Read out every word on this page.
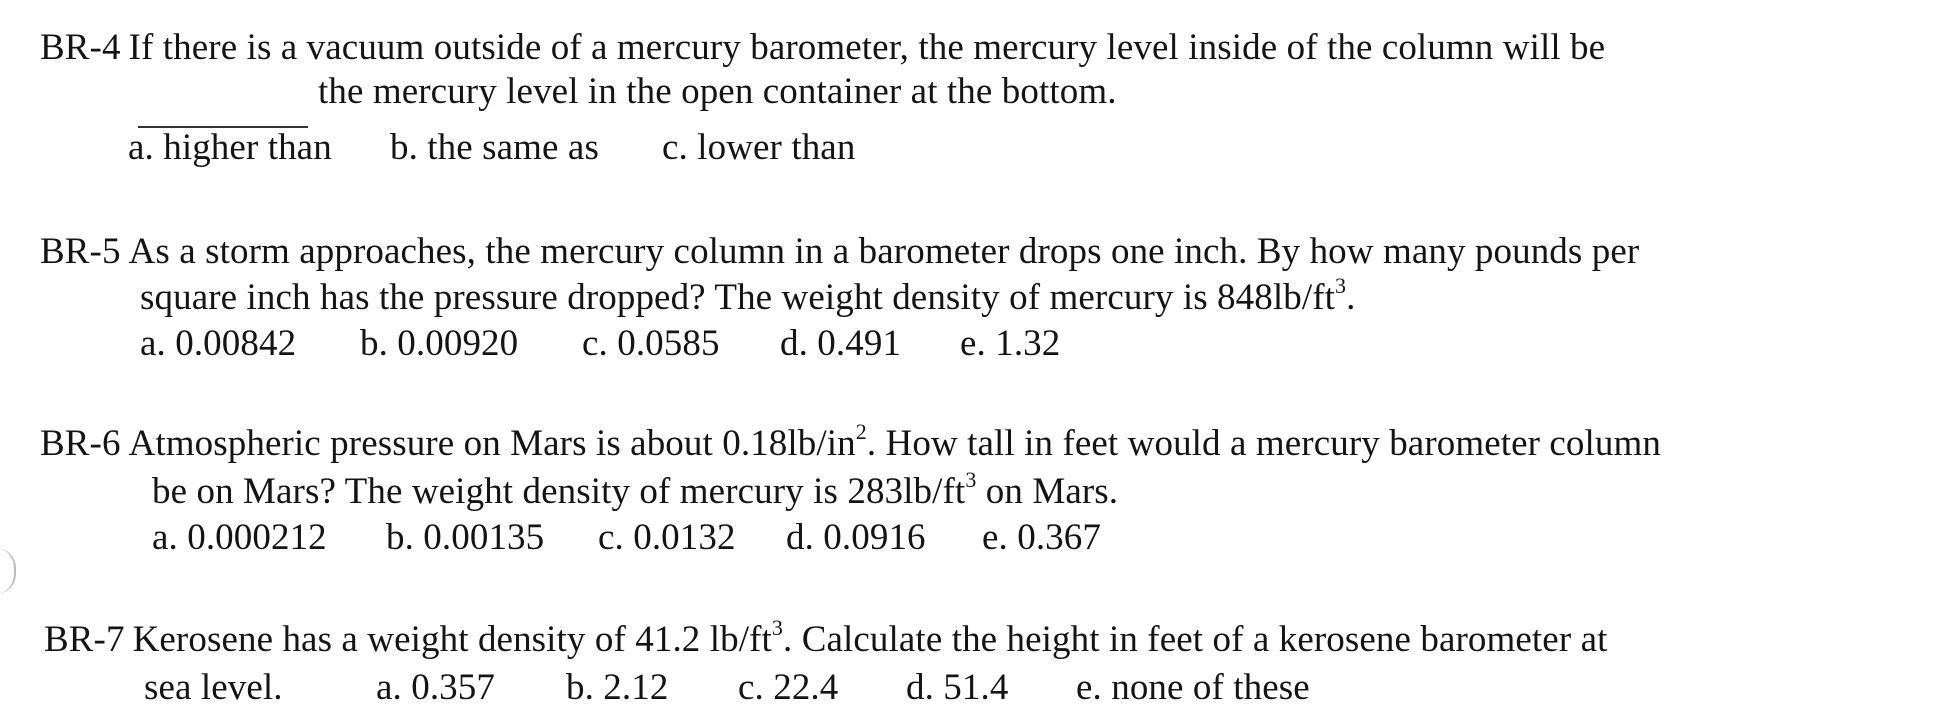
BR-4 If there is a vacuum outside of a mercury barometer, the mercury level inside of the column will be
the mercury level in the open container at the bottom.
a. higher than b. the same as c. lower than
BR-5 As a storm approaches, the mercury column in a barometer drops one inch. By how many pounds per
square inch has the pressure dropped? The weight density of mercury is $848lb/ft^3$.
a. 0.00842 b. 0.00920 c. 0.0585 d. 0.491 e. 1.32
BR-6 Atmospheric pressure on Mars is about $0.18lb/in^2$. How tall in feet would a mercury barometer column
be on Mars? The weight density of mercury is $283lb/ft^3$ on Mars.
a. 0.000212 b. 0.00135 c. 0.0132 d. 0.0916 e. 0.367
BR-7 Kerosene has a weight density of 41.2 $lb/ft^3$. Calculate the height in feet of a kerosene barometer at
sea level.	a. 0.357 b. 2.12 c. 22.4 d. 51.4 e. none of these
